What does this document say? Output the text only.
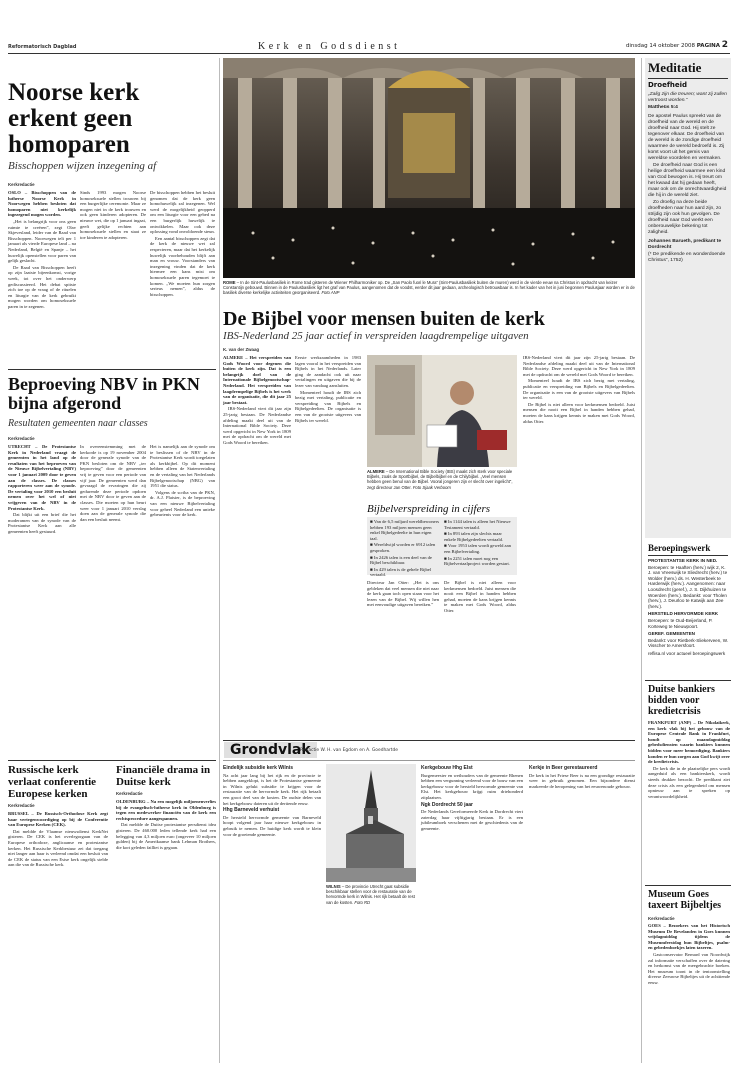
Reformatorisch Dagblad	Kerk en Godsdienst	dinsdag 14 oktober 2008 PAGINA 2
Noorse kerk erkent geen homoparen
Bisschoppen wijzen inzegening af
Kerkredactie

OSLO – Bisschoppen van de lutherse Noorse Kerk in Noorwegen hebben besloten dat homoparen niet kerkelijk ingezegend mogen worden.

„Het is belangrijk voor ons geen ruimte te creëren”, zegt Olav Skjevesland, leider van de Raad van Bisschoppen. Noorwegen telt per 1 januari als vierde Europese land – na Nederland, België en Spanje – het huwelijk openstellen voor paren van gelijk geslacht.

De Raad van Bisschoppen heeft op zijn laatste bijeenkomst, vorige week, tot over het onderwerp gediscussieerd. Het debat spitste zich toe op de vraag of de rituelen en liturgie van de kerk gebruikt mogen worden om homoseksuele paren in te zegenen.

Sinds 1993 mogen Noorse homoseksuele stellen trouwen bij een burgerlijke ceremonie. Maar ze mogen niet in de kerk trouwen en ook geen kinderen adopteren. De nieuwe wet, die op 1 januari ingaat, geeft gelijke rechten aan homoseksuele stellen en staat ze toe kinderen te adopteren.

De bisschoppen hebben het besluit genomen dat de kerk geen homohuwelijk zal inzegenen. Wel werd de mogelijkheid geopperd om een liturgie voor een gebed na een burgerlijk huwelijk te ontwikkelen. Maar ook deze oplossing vond onvoldoende steun.

Een aantal bisschoppen zegt dat de kerk de nieuwe wet zal respecteren, maar dat het kerkelijk huwelijk voorbehouden blijft aan man en vrouw. Voorstanders van inzegening vinden dat de kerk hiermee een kans mist om homoseksuele paren tegemoet te komen. „We moeten hun zorgen serieus nemen”, aldus de bisschoppen.

Beproeving NBV in PKN bijna afgerond
Resultaten gemeenten naar classes
Kerkredactie

UTRECHT – De Protestantse Kerk in Nederland vraagt de gemeenten in het land op de resultaten van het beproeven van de Nieuwe Bijbelvertaling (NBV) voor 1 januari 2009 door te geven aan de classes. De classes rapporteren weer aan de synode. De vertaling voor 2010 een besluit nemen over het wel of niet vrijgeven van de NBV in de Protestantse Kerk.

Dat blijkt uit een brief die het moderamen van de synode van de Protestantse Kerk aan alle gemeenten heeft gestuurd.

In overeenstemming met de kerkorde is op 19 november 2004 door de generale synode van de PKN besloten om de NBV „ter beproeving” door de gemeenten vrij te geven voor een periode van vijf jaar. De gemeenten werd dan gevraagd de ervaringen die zij gedurende deze periode opdoen met de NBV door te geven aan de classes. Die moeten op hun beurt weer voor 1 januari 2010 verslag doen aan de generale synode die dan een besluit neemt.

Het is namelijk aan de synode om te beslissen of de NBV in de Protestantse Kerk wordt toegelaten als kerkbijbel. Op dit moment hebben alleen de Statenvertaling en de vertaling van het Nederlands Bijbelgenootschap (NBG) van 1951 die status.

Volgens de scriba van de PKN, dr. A.J. Plaisier, is de beproeving van een nieuwe Bijbelvertaling voor geheel Nederland een unieke gebeurtenis voor de kerk.

Russische kerk verlaat conferentie Europese kerken
Kerkredactie

BRUSSEL – De Russisch-Orthodoxe Kerk zegt haar vertegenwoordiging op bij de Conferentie van Europese Kerken (CEK).

Dat meldde de Vlaamse nieuwsdienst KerkNet gisteren. De CEK is het overlegorgaan van de Europese orthodoxe, anglicaanse en protestantse kerken. Het Russische Kerkbestuur zei dat toegang niet langer aan haar is verleend omdat een besluit van de CEK de status van een Estse kerk ongelijk stelde aan die van de Russische kerk.

Financiële drama in Duitse kerk
Kerkredactie

OLDENBURG – Na een mogelijk miljoenenverlies bij de evangelisch-lutherse kerk in Oldenburg is tegen een medewerker financiën van de kerk een rechtsprocedure aangespannen.

Dat meldde de Duitse protestantse persdienst idea gisteren. De 460.000 leden tellende kerk had een belegging van 4,3 miljoen euro (ongeveer 10 miljoen gulden) bij de Amerikaanse bank Lehman Brothers, die kort geleden failliet is gegaan.

ROME – In de Sint-Paulusbasiliek in Rome trad gisteren de Wiener Philharmoniker op. De „San Paolo fuori le Mura” (Sint-Paulusbasiliek buiten de muren) werd in de vierde eeuw na Christus in opdracht van keizer Constantijn gebouwd. Binnen in de Paulusbasiliek ligt het graf van Paulus, aangenomen dat de voodst, eerder dit jaar gedaan, archeologisch betrouwbaar is. In het kader van het in juni begonnen Paulusjaar worden er in de basiliek diverse kerkelijke activiteiten georganiseerd. Foto ANP
De Bijbel voor mensen buiten de kerk
IBS-Nederland 25 jaar actief in verspreiden laagdrempelige uitgaven
K. van der Zwaag

ALMERE – Het verspreiden van Gods Woord voor degenen die buiten de kerk zijn. Dat is een belangrijk doel van de Internationale Bijbelgenootschap-Nederland. Het verspreiden van laagdrempelige Bijbels is het werk van de organisatie, die dit jaar 25 jaar bestaat.

IBS-Nederland viert dit jaar zijn 25-jarig bestaan. De Nederlandse afdeling maakt deel uit van de International Bible Society. Deze werd opgericht in New York in 1809 met de opdracht om de wereld met Gods Woord te bereiken.

Eerste werkzaamheden in 1983 lagen vooral in het verspreiden van Bijbels in het Nederlands. Later ging de aandacht ook uit naar vertalingen en uitgaven die bij de lezer van vandaag aansluiten.

Momenteel houdt de IBS zich bezig met vertaling, publicatie en verspreiding van Bijbels en Bijbelgedeelten. De organisatie is een van de grootste uitgevers van Bijbels ter wereld.

ALMERE – De International Bible Society (IBS) maakt zich sterk voor speciale Bijbels, zoals de Sportbijbel, de Bijbelbijbel en de Chilybijbel. „Veel mensen hebben geen benul van de Bijbel. Vooral jongeren zijn er slecht over ingelicht”, zegt directeur Jan Otter. Foto Sjaak Verboom
Bijbelverspreiding in cijfers

■ Van de 6,5 miljard wereldbewoners hebben 193 miljoen mensen geen enkel Bijbelgedeelte in hun eigen taal.

■ Wereldwijd worden er 6912 talen gesproken.

■ In 2426 talen is een deel van de Bijbel beschikbaar.

■ In 429 talen is de gehele Bijbel vertaald.

■ In 1144 talen is alleen het Nieuwe Testament vertaald.

■ In 893 talen zijn slechts maar enkele Bijbelgedeelten vertaald.

■ Voor 1953 talen wordt geweld aan een Bijbelvertaling.

■ In 2251 talen moet nog een Bijbelvertaalproject worden gestart.

Directeur Jan Otter: „Het is ons gebleken dat veel mensen die niet naar de kerk gaan toch open staan voor het lezen van de Bijbel. Wij willen hen met eenvoudige uitgaven bereiken.”

De Bijbel is niet alleen voor kerkmensen bedoeld. Juist mensen die nooit een Bijbel in handen hebben gehad, moeten de kans krijgen kennis te maken met Gods Woord, aldus Otter.

IBS-Nederland viert dit jaar zijn 25-jarig bestaan. De Nederlandse afdeling maakt deel uit van de International Bible Society. Deze werd opgericht in New York in 1809 met de opdracht om de wereld met Gods Woord te bereiken.

Momenteel houdt de IBS zich bezig met vertaling, publicatie en verspreiding van Bijbels en Bijbelgedeelten. De organisatie is een van de grootste uitgevers van Bijbels ter wereld.

De Bijbel is niet alleen voor kerkmensen bedoeld. Juist mensen die nooit een Bijbel in handen hebben gehad, moeten de kans krijgen kennis te maken met Gods Woord, aldus Otter.

Grondvlak
Redactie W. H. van Egdom en A. Goedhartde
Eindelijk subsidie kerk Wilnis

Na acht jaar lang bij het rijk en de provincie te hebben aangeklopt, is het de Protestantse gemeente in Wilnis gelukt subsidie te krijgen voor de restauratie van de hervormde kerk. Het rijk betaalt een groot deel van de kosten. De oudste delen van het kerkgebouw dateren uit de dertiende eeuw.

Hhg Barneveld verhuist

De hersteld hervormde gemeente van Barneveld hoopt volgend jaar haar nieuwe kerkgebouw in gebruik te nemen. De huidige kerk wordt te klein voor de groeiende gemeente.

WILNIS – De provincie Utrecht gaat subsidie beschikbaar stellen voor de restauratie van de hervormde kerk in Wilnis. Het rijk betaalt de rest van de kosten. Foto RD
Kerkgebouw Hhg Elst

Burgemeester en wethouders van de gemeente Rhenen hebben een vergunning verleend voor de bouw van een kerkgebouw voor de hersteld hervormde gemeente van Elst. Het kerkgebouw krijgt ruim driehonderd zitplaatsen.

Ngk Dordrecht 50 jaar

De Nederlands Gereformeerde Kerk in Dordrecht viert zaterdag haar vijftigjarig bestaan. Er is een jubileumboek verschenen met de geschiedenis van de gemeente.

Kerkje in Beer gerestaureerd

De kerk in het Friese Beer is na een grondige restauratie weer in gebruik genomen. Een bijzondere dienst markeerde de heropening van het eeuwenoude gebouw.

Meditatie
Droefheid

„Zalig zijn die treuren; want zij zullen vertroost worden.”

Mattheüs 5:4

De apostel Paulus spreekt van de droefheid van de wereld en de droefheid naar God. Hij stelt ze tegenover elkaar. De droefheid van de wereld is de zondige droefheid waarmee de wereld bedroefd is. Zij komt voort uit het gemis van wereldse voordelen en vermaken.

De droefheid naar God is een heilige droefheid waarmee een kind van God bewogen is. Hij treurt om het kwaad dat hij gedaan heeft, maar ook om de onrechtvaardigheid die hij in de wereld ziet.

Zo droefig na deze beide droefheden naar hun aard zijn, zo strijdig zijn ook hun gevolgen. De droefheid naar God werkt een onberouwelijke bekering tot zaligheid.

Johannes Barueth, predikant te Dordrecht

(* De predikende en wonderdoende Christus”, 1752)

Beroepingswerk

PROTESTANTSE KERK IN NED.

Beroepen: te Haaften (herv.) wijk 2, K. J. van Vreeswijk te Sliedrecht (herv.) te Wolder (herv.) ds. H. Westerbeek te Harderwijk (herv.). Aangenomen: naar Loosdrecht (geref.), J. S. Dijkhuizen te Woerden (herv.). Bedankt: voor Tholen (herv.), J. Deurloo te Katwijk aan Zee (herv.).

HERSTELD HERVORMDE KERK

Beroepen: te Oud-Beijerland, P. Korteweg te Nieuwpoort.

GEREF. GEMEENTEN

Bedankt: voor Rietberk-Sliekerveen, W. Visscher te Amersfoort.

reflisa.nl voor actueel beroepingswerk

Duitse bankiers bidden voor kredietcrisis

FRANKFURT (ANP) – De Nikolaikerk, een kerk vlak bij het gebouw van de Europese Centrale Bank in Frankfurt, houdt op maandagmiddag gebedsdiensten waarin bankiers kunnen bidden voor meer bemoediging. Bankiers konden er hun zorgen aan God kwijt over de kredietcrisis.

De kerk die in de plaatselijke pers wordt aangeduid als een bankierskerk, wordt steeds drukker bezocht. De predikant ziet deze crisis als een gelegenheid om mensen opnieuw aan te spreken op verantwoordelijkheid.

Museum Goes taxeert Bijbeltjes
Kerkredactie

GOES – Bezoekers van het Historisch Museum De Bevelanden in Goes kunnen vrijdagmiddag tijdens de Museumfeestdag hun Bijbeltjes, psalm- en gebedenboekjes laten taxeren.

Gastconservator Bernard van Noordwijk zal informatie verschaffen over de datering en herkomst van de meegebrachte boeken. Het museum toont in de tentoonstelling diverse Zeeuwse Bijbeltjes uit de achttiende eeuw.
